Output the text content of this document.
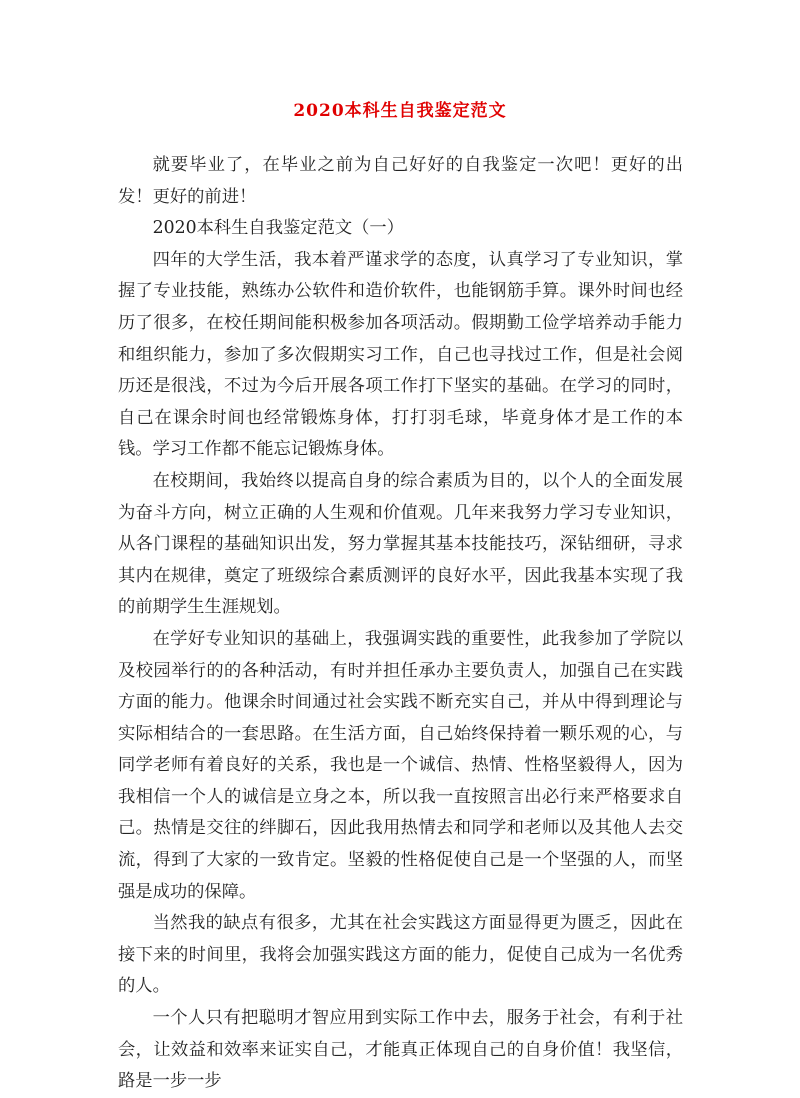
2020本科生自我鉴定范文

就要毕业了，在毕业之前为自己好好的自我鉴定一次吧！更好的出发！更好的前进！

2020本科生自我鉴定范文（一）

四年的大学生活，我本着严谨求学的态度，认真学习了专业知识，掌握了专业技能，熟练办公软件和造价软件，也能钢筋手算。课外时间也经历了很多，在校任期间能积极参加各项活动。假期勤工俭学培养动手能力和组织能力，参加了多次假期实习工作，自己也寻找过工作，但是社会阅历还是很浅，不过为今后开展各项工作打下坚实的基础。在学习的同时，自己在课余时间也经常锻炼身体，打打羽毛球，毕竟身体才是工作的本钱。学习工作都不能忘记锻炼身体。

在校期间，我始终以提高自身的综合素质为目的，以个人的全面发展为奋斗方向，树立正确的人生观和价值观。几年来我努力学习专业知识，从各门课程的基础知识出发，努力掌握其基本技能技巧，深钻细研，寻求其内在规律，奠定了班级综合素质测评的良好水平，因此我基本实现了我的前期学生生涯规划。

在学好专业知识的基础上，我强调实践的重要性，此我参加了学院以及校园举行的的各种活动，有时并担任承办主要负责人，加强自己在实践方面的能力。他课余时间通过社会实践不断充实自己，并从中得到理论与实际相结合的一套思路。在生活方面，自己始终保持着一颗乐观的心，与同学老师有着良好的关系，我也是一个诚信、热情、性格坚毅得人，因为我相信一个人的诚信是立身之本，所以我一直按照言出必行来严格要求自己。热情是交往的绊脚石，因此我用热情去和同学和老师以及其他人去交流，得到了大家的一致肯定。坚毅的性格促使自己是一个坚强的人，而坚强是成功的保障。

当然我的缺点有很多，尤其在社会实践这方面显得更为匮乏，因此在接下来的时间里，我将会加强实践这方面的能力，促使自己成为一名优秀的人。

一个人只有把聪明才智应用到实际工作中去，服务于社会，有利于社会，让效益和效率来证实自己，才能真正体现自己的自身价值！我坚信，路是一步一步
